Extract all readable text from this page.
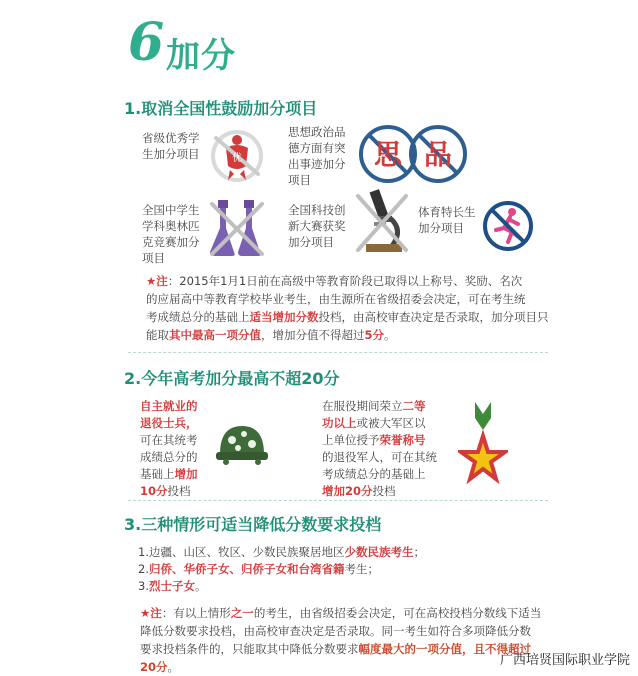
6 加分
1.取消全国性鼓励加分项目
省级优秀学
生加分项目	优
思想政治品
德方面有突
出事迹加分
项目
思 品
全国中学生
学科奥林匹
克竞赛加分
项目
全国科技创
新大赛获奖
加分项目
体育特长生
加分项目
★注：2015年1月1日前在高级中等教育阶段已取得以上称号、奖励、名次
的应届高中等教育学校毕业考生，由生源所在省级招委会决定，可在考生统
考成绩总分的基础上适当增加分数投档，由高校审查决定是否录取，加分项目只
能取其中最高一项分值，增加分值不得超过5分。
2.今年高考加分最高不超20分
自主就业的
退役士兵，
可在其统考
成绩总分的
基础上增加
10分投档
在服役期间荣立二等
功以上或被大军区以
上单位授予荣誉称号
的退役军人，可在其统
考成绩总分的基础上
增加20分投档
3.三种情形可适当降低分数要求投档
1.边疆、山区、牧区、少数民族聚居地区少数民族考生；
2.归侨、华侨子女、归侨子女和台湾省籍考生；
3.烈士子女。
★注：有以上情形之一的考生，由省级招委会决定，可在高校投档分数线下适当
降低分数要求投档，由高校审查决定是否录取。同一考生如符合多项降低分数
要求投档条件的，只能取其中降低分数要求幅度最大的一项分值，且不得超过
20分。	广西培贤国际职业学院
